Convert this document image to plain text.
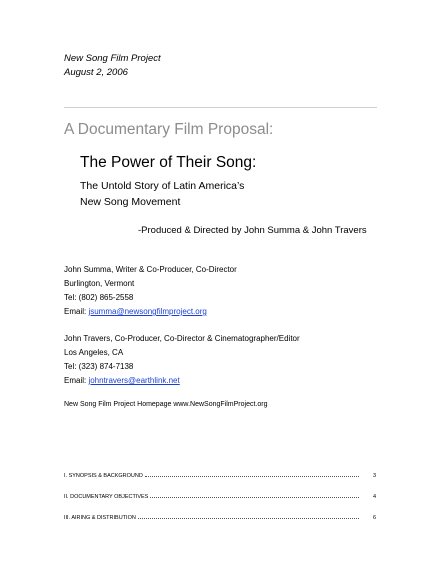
New Song Film Project
August 2, 2006
A Documentary Film Proposal:
The Power of Their Song:
The Untold Story of Latin America’s
New Song Movement
-Produced & Directed by John Summa & John Travers
John Summa, Writer & Co-Producer, Co-Director
Burlington, Vermont
Tel: (802) 865-2558
Email: jsumma@newsongfilmproject.org
John Travers, Co-Producer, Co-Director & Cinematographer/Editor
Los Angeles, CA
Tel: (323) 874-7138
Email: johntravers@earthlink.net
New Song Film Project Homepage www.NewSongFilmProject.org
I. SYNOPSIS & BACKGROUND	3
II. DOCUMENTARY OBJECTIVES	4
III. AIRING & DISTRIBUTION	6
